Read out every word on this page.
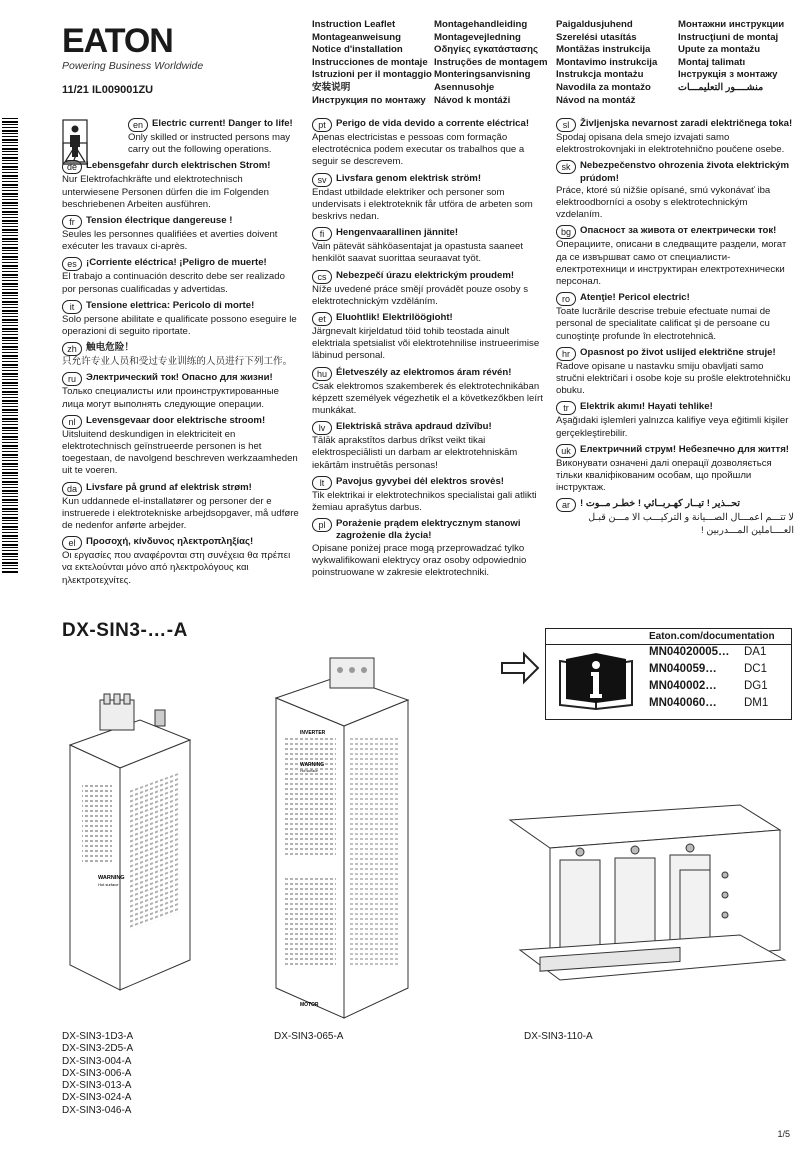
EATON
Powering Business Worldwide
11/21 IL009001ZU
Instruction Leaflet
Montageanweisung
Notice d'installation
Instrucciones de montaje
Istruzioni per il montaggio
安装说明
Инструкция по монтажу
Montagehandleiding
Montagevejledning
Οδηγίες εγκατάστασης
Instruções de montagem
Monteringsanvisning
Asennusohje
Návod k montáži
Paigaldusjuhend
Szerelési utasítás
Montāžas instrukcija
Montavimo instrukcija
Instrukcja montażu
Navodila za montažo
Návod na montáž
Монтажни инструкции
Instrucţiuni de montaj
Upute za montažu
Montaj talimatı
Інструкція з монтажу
منشــــور التعليمـــات
en Electric current! Danger to life!
Only skilled or instructed persons may carry out the following operations.
de Lebensgefahr durch elektrischen Strom!
Nur Elektrofachkräfte und elektrotechnisch unterwiesene Personen dürfen die im Folgenden beschriebenen Arbeiten ausführen.
fr	Tension électrique dangereuse !
Seules les personnes qualifiées et averties doivent exécuter les travaux ci-après.
es ¡Corriente eléctrica! ¡Peligro de muerte!
El trabajo a continuación descrito debe ser realizado por personas cualificadas y advertidas.
it	Tensione elettrica: Pericolo di morte!
Solo persone abilitate e qualificate possono eseguire le operazioni di seguito riportate.
zh 触电危险！
只允许专业人员和受过专业训练的人员进行下列工作。
ru	Электрический ток! Опасно для жизни!
Только специалисты или проинструктированные лица могут выполнять следующие операции.
nl	Levensgevaar door elektrische stroom!
Uitsluitend deskundigen in elektriciteit en elektrotechnisch geïnstrueerde personen is het toegestaan, de navolgend beschreven werkzaamheden uit te voeren.
da Livsfare på grund af elektrisk strøm!
Kun uddannede el-installatører og personer der e instruerede i elektrotekniske arbejdsopgaver, må udføre de nedenfor anførte arbejder.
el	Προσοχή, κίνδυνος ηλεκτροπληξίας!
Οι εργασίες που αναφέρονται στη συνέχεια θα πρέπει να εκτελούνται μόνο από ηλεκτρολόγους και ηλεκτροτεχνίτες.
pt	Perigo de vida devido a corrente eléctrica!
Apenas electricistas e pessoas com formação electrotécnica podem executar os trabalhos que a seguir se descrevem.
sv Livsfara genom elektrisk ström!
Endast utbildade elektriker och personer som undervisats i elektroteknik får utföra de arbeten som beskrivs nedan.
fi	Hengenvaarallinen jännite!
Vain pätevät sähköasentajat ja opastusta saaneet henkilöt saavat suorittaa seuraavat työt.
cs Nebezpečí úrazu elektrickým proudem!
Níže uvedené práce smějí provádět pouze osoby s elektrotechnickým vzděláním.
et	Eluohtlik! Elektrilöögioht!
Järgnevalt kirjeldatud töid tohib teostada ainult elektriala spetsialist või elektrotehnilise instrueerimise läbinud personal.
hu Életveszély az elektromos áram révén!
Csak elektromos szakemberek és elektrotechnikában képzett személyek végezhetik el a következőkben leírt munkákat.
lv	Elektriskā strāva apdraud dzīvību!
Tālāk aprakstītos darbus drīkst veikt tikai elektrospeciālisti un darbam ar elektrotehniskām iekārtām instruētās personas!
lt	Pavojus gyvybei dėl elektros srovės!
Tik elektrikai ir elektrotechnikos specialistai gali atlikti žemiau aprašytus darbus.
pl	Porażenie prądem elektrycznym stanowi zagrożenie dla życia!
Opisane poniżej prace mogą przeprowadzać tylko wykwalifikowani elektrycy oraz osoby odpowiednio poinstruowane w zakresie elektrotechniki.
sl	Življenjska nevarnost zaradi električnega toka!
Spodaj opisana dela smejo izvajati samo elektrostrokovnjaki in elektrotehnično poučene osebe.
sk Nebezpečenstvo ohrozenia života elektrickým prúdom!
Práce, ktoré sú nižšie opísané, smú vykonávať iba elektroodborníci a osoby s elektrotechnickým vzdelaním.
bg Опасност за живота от електрически ток!
Операциите, описани в следващите раздели, могат да се извършват само от специалисти-електротехници и инструктиран електротехнически персонал.
ro	Atenţie! Pericol electric!
Toate lucrările descrise trebuie efectuate numai de personal de specialitate calificat şi de persoane cu cunoştinţe profunde în electrotehnică.
hr	Opasnost po život uslijed električne struje!
Radove opisane u nastavku smiju obavljati samo stručni električari i osobe koje su prošle elektrotehničku obuku.
tr	Elektrik akımı! Hayati tehlike!
Aşağıdaki işlemleri yalnızca kalifiye veya eğitimli kişiler gerçekleştirebilir.
uk Електричний струм! Небезпечно для життя!
Виконувати означені далі операції дозволяється тільки кваліфікованим особам, що пройшли інструктаж.
ar	تحــذير ! تيــار كهـربــائي ! خطـر مــوت !
لا تتـــم اعمـــال الصـــيانة و التركيـــب الا مـــن قبـل العــــاملين المـــدربين !
DX-SIN3-…-A	Eaton.com/documentation
MN04020005… DA1
MN040059… DC1
MN040002… DG1
MN040060… DM1
WARNING
Hot surface
INVERTER
WARNING
Hot surface
MOTOR
DX-SIN3-1D3-A
DX-SIN3-2D5-A
DX-SIN3-004-A
DX-SIN3-006-A
DX-SIN3-013-A
DX-SIN3-024-A
DX-SIN3-046-A
DX-SIN3-065-A	DX-SIN3-110-A
1/5
